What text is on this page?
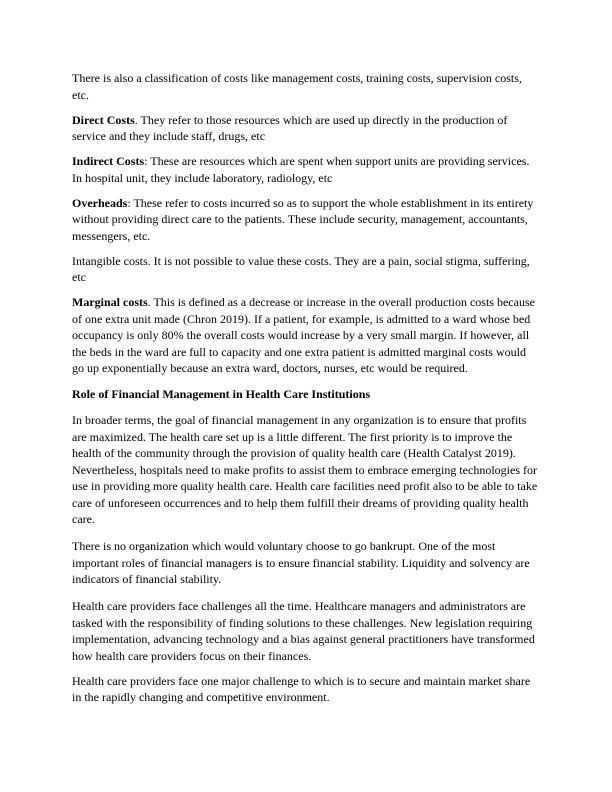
There is also a classification of costs like management costs, training costs, supervision costs, etc.

Direct Costs. They refer to those resources which are used up directly in the production of service and they include staff, drugs, etc

Indirect Costs: These are resources which are spent when support units are providing services. In hospital unit, they include laboratory, radiology, etc

Overheads: These refer to costs incurred so as to support the whole establishment in its entirety without providing direct care to the patients. These include security, management, accountants, messengers, etc.

Intangible costs. It is not possible to value these costs. They are a pain, social stigma, suffering, etc

Marginal costs. This is defined as a decrease or increase in the overall production costs because of one extra unit made (Chron 2019). If a patient, for example, is admitted to a ward whose bed occupancy is only 80% the overall costs would increase by a very small margin. If however, all the beds in the ward are full to capacity and one extra patient is admitted marginal costs would go up exponentially because an extra ward, doctors, nurses, etc would be required.

Role of Financial Management in Health Care Institutions

In broader terms, the goal of financial management in any organization is to ensure that profits are maximized. The health care set up is a little different. The first priority is to improve the health of the community through the provision of quality health care (Health Catalyst 2019). Nevertheless, hospitals need to make profits to assist them to embrace emerging technologies for use in providing more quality health care. Health care facilities need profit also to be able to take care of unforeseen occurrences and to help them fulfill their dreams of providing quality health care.

There is no organization which would voluntary choose to go bankrupt. One of the most important roles of financial managers is to ensure financial stability. Liquidity and solvency are indicators of financial stability.

Health care providers face challenges all the time. Healthcare managers and administrators are tasked with the responsibility of finding solutions to these challenges. New legislation requiring implementation, advancing technology and a bias against general practitioners have transformed how health care providers focus on their finances.

Health care providers face one major challenge to which is to secure and maintain market share in the rapidly changing and competitive environment.
